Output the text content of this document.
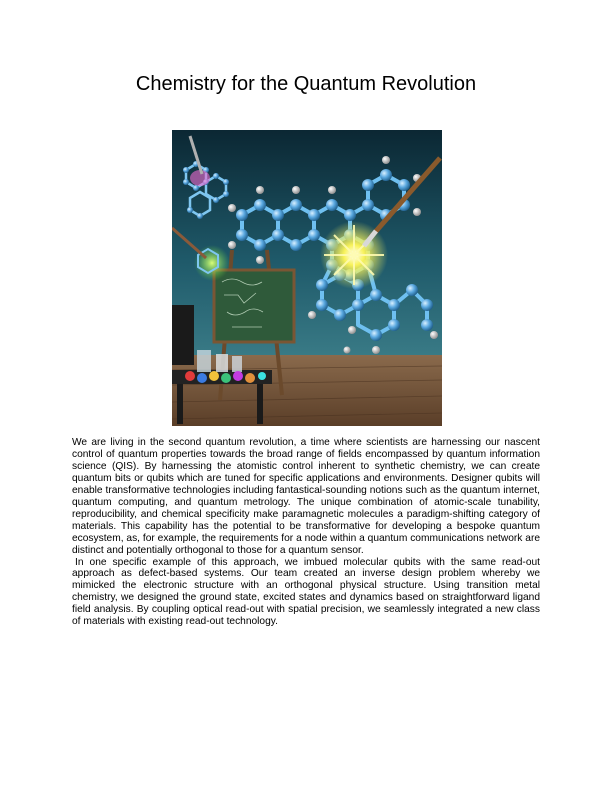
Chemistry for the Quantum Revolution

We are living in the second quantum revolution, a time where scientists are harnessing our nascent control of quantum properties towards the broad range of fields encompassed by quantum information science (QIS). By harnessing the atomistic control inherent to synthetic chemistry, we can create quantum bits or qubits which are tuned for specific applications and environments. Designer qubits will enable transformative technologies including fantastical-sounding notions such as the quantum internet, quantum computing, and quantum metrology. The unique combination of atomic-scale tunability, reproducibility, and chemical specificity make paramagnetic molecules a paradigm-shifting category of materials. This capability has the potential to be transformative for developing a bespoke quantum ecosystem, as, for example, the requirements for a node within a quantum communications network are distinct and potentially orthogonal to those for a quantum sensor.

In one specific example of this approach, we imbued molecular qubits with the same read-out approach as defect-based systems. Our team created an inverse design problem whereby we mimicked the electronic structure with an orthogonal physical structure. Using transition metal chemistry, we designed the ground state, excited states and dynamics based on straightforward ligand field analysis. By coupling optical read-out with spatial precision, we seamlessly integrated a new class of materials with existing read-out technology.
